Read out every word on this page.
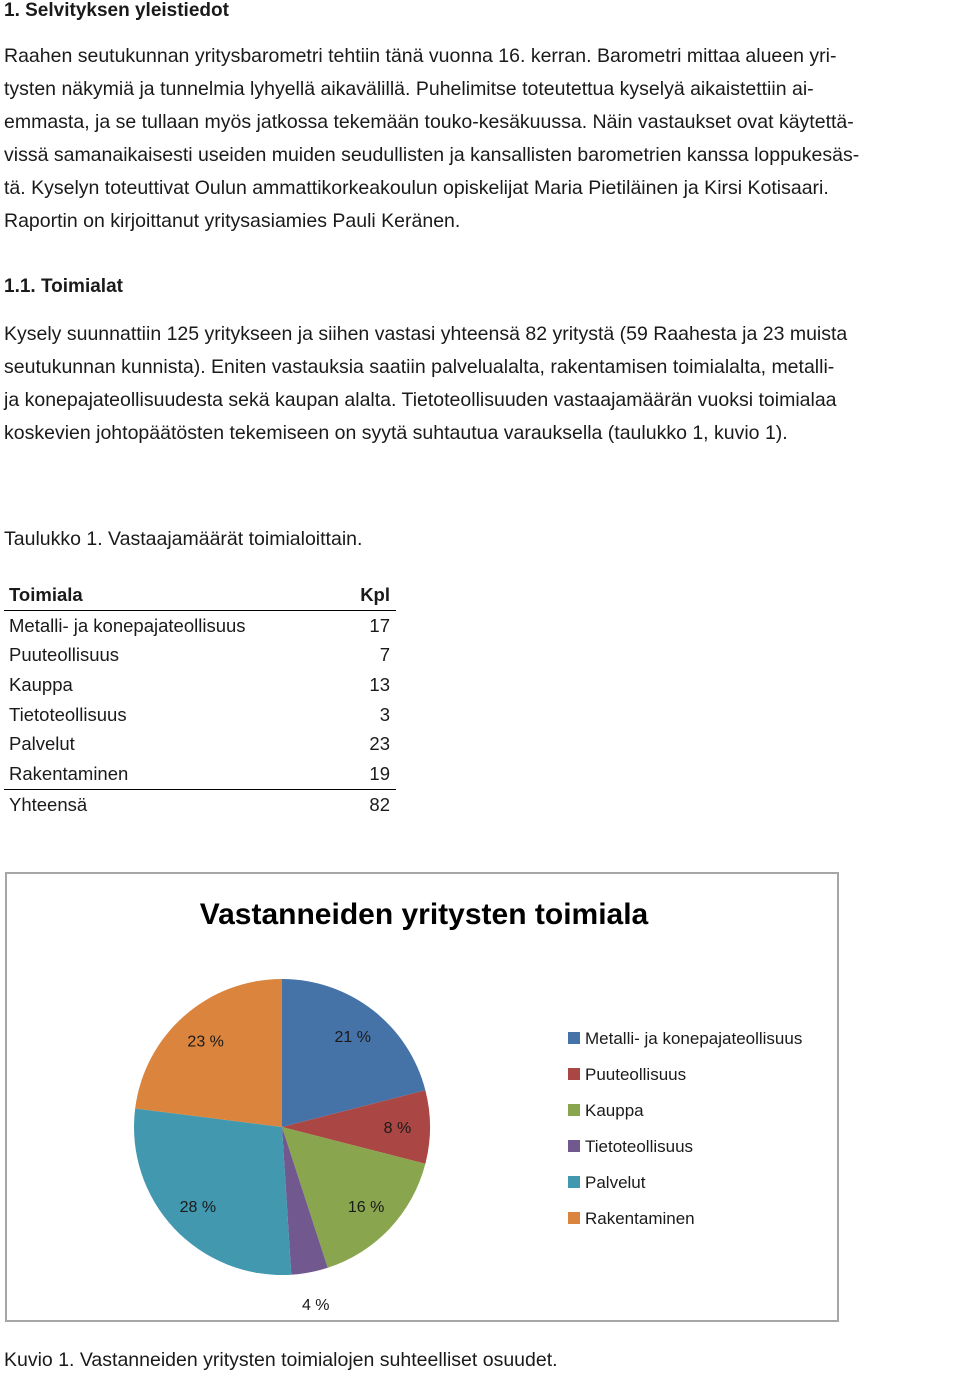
1. Selvityksen yleistiedot
Raahen seutukunnan yritysbarometri tehtiin tänä vuonna 16. kerran. Barometri mittaa alueen yri-
tysten näkymiä ja tunnelmia lyhyellä aikavälillä. Puhelimitse toteutettua kyselyä aikaistettiin ai-
emmasta, ja se tullaan myös jatkossa tekemään touko-kesäkuussa. Näin vastaukset ovat käytettä-
vissä samanaikaisesti useiden muiden seudullisten ja kansallisten barometrien kanssa loppukesäs-
tä. Kyselyn toteuttivat Oulun ammattikorkeakoulun opiskelijat Maria Pietiläinen ja Kirsi Kotisaari.
Raportin on kirjoittanut yritysasiamies Pauli Keränen.
1.1. Toimialat
Kysely suunnattiin 125 yritykseen ja siihen vastasi yhteensä 82 yritystä (59 Raahesta ja 23 muista
seutukunnan kunnista). Eniten vastauksia saatiin palvelualalta, rakentamisen toimialalta, metalli-
ja konepajateollisuudesta sekä kaupan alalta. Tietoteollisuuden vastaajamäärän vuoksi toimialaa
koskevien johtopäätösten tekemiseen on syytä suhtautua varauksella (taulukko 1, kuvio 1).
Taulukko 1. Vastaajamäärät toimialoittain.
Toimiala	Kpl
Metalli- ja konepajateollisuus	17
Puuteollisuus	7
Kauppa	13
Tietoteollisuus	3
Palvelut	23
Rakentaminen	19
Yhteensä	82
Vastanneiden yritysten toimiala
21 %
8 %
16 %
4 %
28 %
23 %	Metalli- ja konepajateollisuus
Puuteollisuus
Kauppa
Tietoteollisuus
Palvelut
Rakentaminen
Kuvio 1. Vastanneiden yritysten toimialojen suhteelliset osuudet.
